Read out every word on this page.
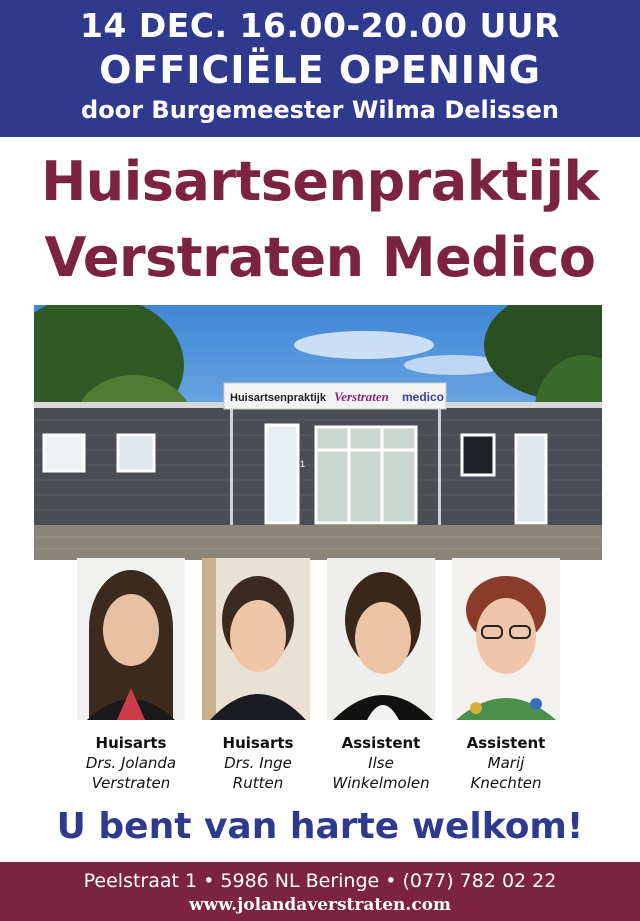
14 DEC. 16.00-20.00 UUR
OFFICIËLE OPENING
door Burgemeester Wilma Delissen
Huisartsenpraktijk
Verstraten Medico
Huisartsenpraktijk Verstraten medico
1
Huisarts
Drs. Jolanda
Verstraten
Huisarts
Drs. Inge
Rutten
Assistent
Ilse
Winkelmolen
Assistent
Marij
Knechten
U bent van harte welkom!
Peelstraat 1 • 5986 NL Beringe • (077) 782 02 22
www.jolandaverstraten.com
